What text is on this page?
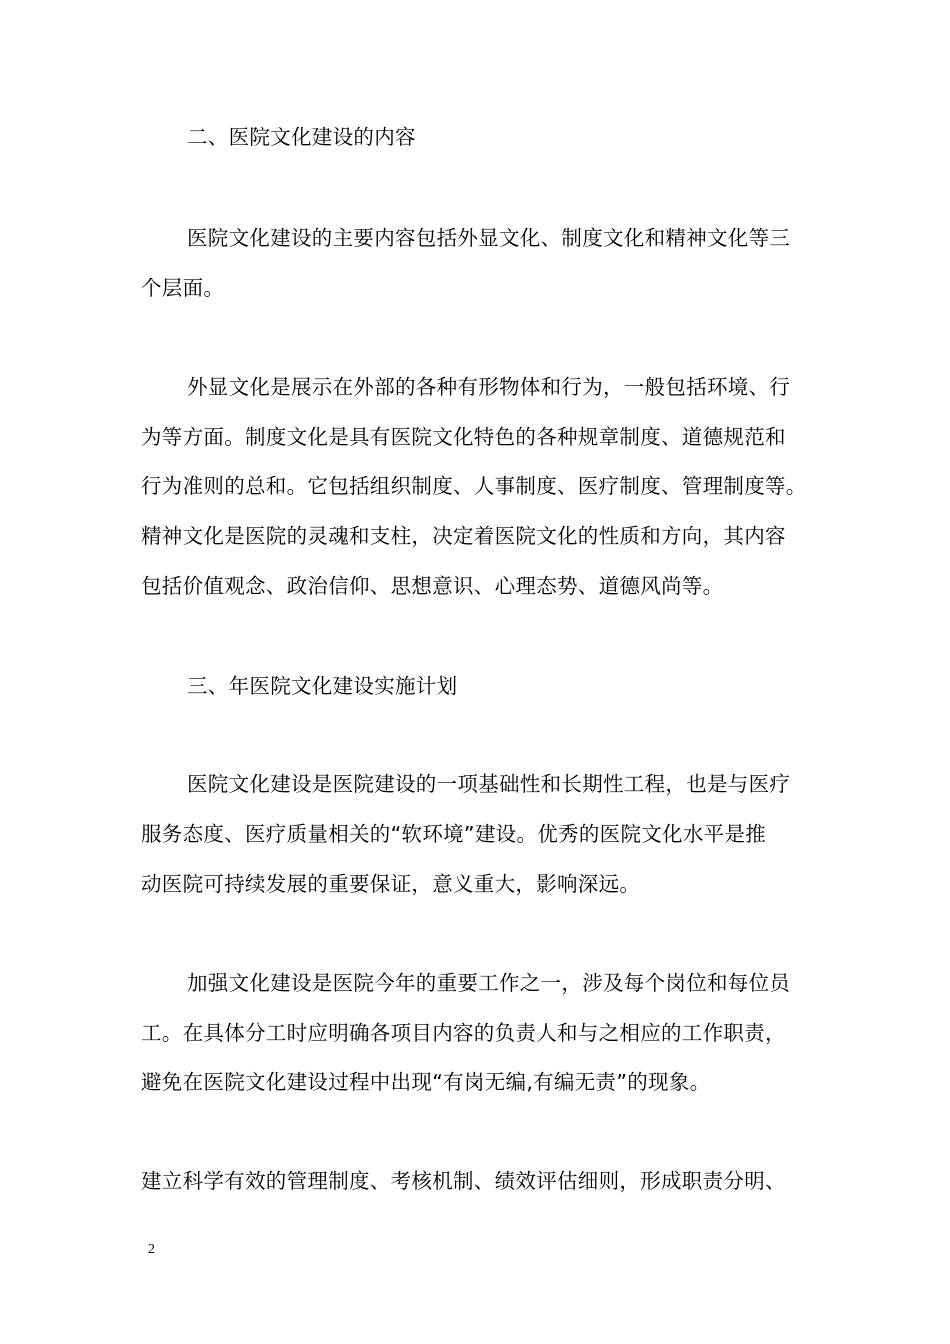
二、医院文化建设的内容
医院文化建设的主要内容包括外显文化、制度文化和精神文化等三
个层面。
外显文化是展示在外部的各种有形物体和行为，一般包括环境、行
为等方面。制度文化是具有医院文化特色的各种规章制度、道德规范和
行为准则的总和。它包括组织制度、人事制度、医疗制度、管理制度等。
精神文化是医院的灵魂和支柱，决定着医院文化的性质和方向，其内容
包括价值观念、政治信仰、思想意识、心理态势、道德风尚等。
三、年医院文化建设实施计划
医院文化建设是医院建设的一项基础性和长期性工程，也是与医疗
服务态度、医疗质量相关的“软环境”建设。优秀的医院文化水平是推
动医院可持续发展的重要保证，意义重大，影响深远。
加强文化建设是医院今年的重要工作之一，涉及每个岗位和每位员
工。在具体分工时应明确各项目内容的负责人和与之相应的工作职责，
避免在医院文化建设过程中出现“有岗无编,有编无责”的现象。
建立科学有效的管理制度、考核机制、绩效评估细则，形成职责分明、
2
